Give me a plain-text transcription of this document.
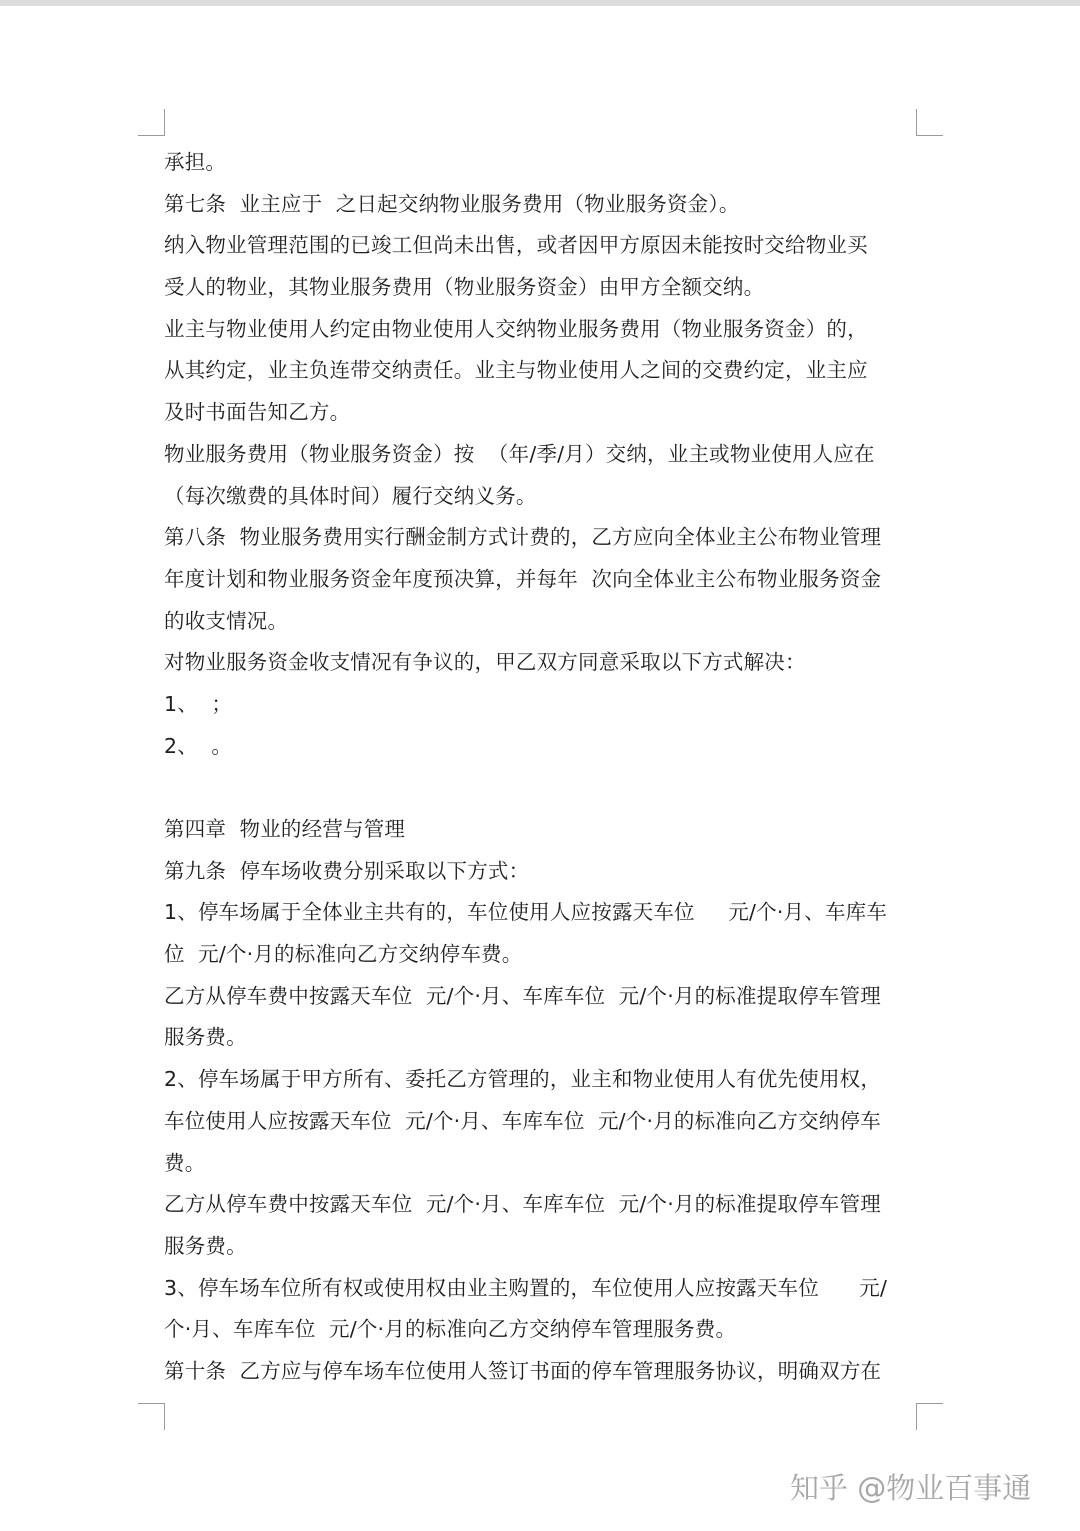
承担。
第七条  业主应于  之日起交纳物业服务费用（物业服务资金）。
纳入物业管理范围的已竣工但尚未出售，或者因甲方原因未能按时交给物业买
受人的物业，其物业服务费用（物业服务资金）由甲方全额交纳。
业主与物业使用人约定由物业使用人交纳物业服务费用（物业服务资金）的，
从其约定，业主负连带交纳责任。业主与物业使用人之间的交费约定，业主应
及时书面告知乙方。
物业服务费用（物业服务资金）按  （年/季/月）交纳，业主或物业使用人应在
（每次缴费的具体时间）履行交纳义务。
第八条  物业服务费用实行酬金制方式计费的，乙方应向全体业主公布物业管理
年度计划和物业服务资金年度预决算，并每年  次向全体业主公布物业服务资金
的收支情况。
对物业服务资金收支情况有争议的，甲乙双方同意采取以下方式解决：
1、  ；
2、  。
第四章  物业的经营与管理
第九条  停车场收费分别采取以下方式：
1、停车场属于全体业主共有的，车位使用人应按露天车位     元/个·月、车库车
位  元/个·月的标准向乙方交纳停车费。
乙方从停车费中按露天车位  元/个·月、车库车位  元/个·月的标准提取停车管理
服务费。
2、停车场属于甲方所有、委托乙方管理的，业主和物业使用人有优先使用权，
车位使用人应按露天车位  元/个·月、车库车位  元/个·月的标准向乙方交纳停车
费。
乙方从停车费中按露天车位  元/个·月、车库车位  元/个·月的标准提取停车管理
服务费。
3、停车场车位所有权或使用权由业主购置的，车位使用人应按露天车位      元/
个·月、车库车位  元/个·月的标准向乙方交纳停车管理服务费。
第十条  乙方应与停车场车位使用人签订书面的停车管理服务协议，明确双方在
知乎 @物业百事通
